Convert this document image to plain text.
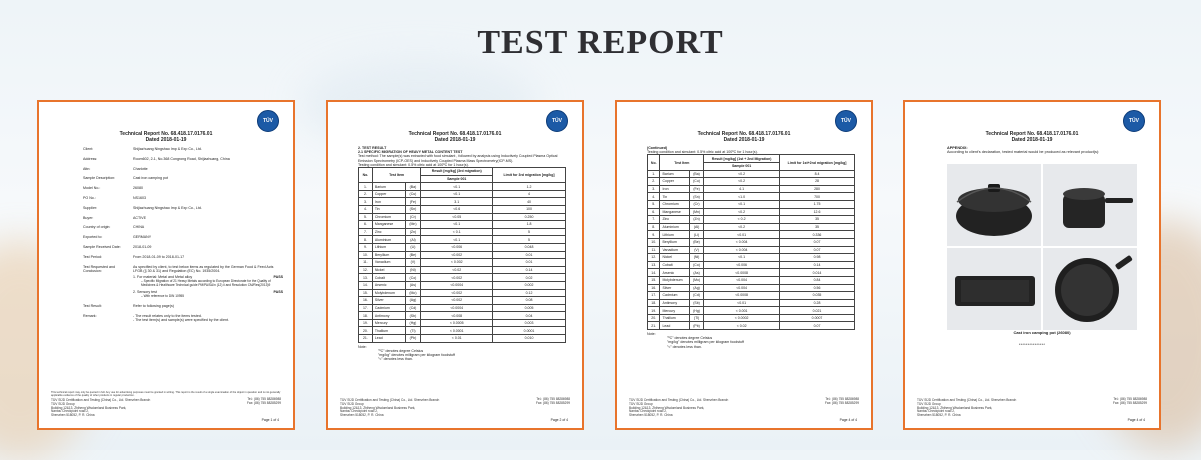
TEST REPORT
TÜV
Technical Report No. 68.418.17.0176.01
Dated 2018-01-19
Client:	Shijiazhuang Ningshao Imp & Exp Co., Ltd.
Address:	Room602, 2-1, No.368 Congrong Road, Shijiazhuang, China
Attn:	Charlotte
Sample Description:	Cast iron camping pot
Model No.:	26080
PO No.:	NS1603
Supplier:	Shijiazhuang Ningshao Imp & Exp Co., Ltd.
Buyer:	ACTIVE
Country of origin:	CHINA
Exported to:	GERMANY
Sample Received Date:	2018-01-09
Test Period:	From 2018-01-09 to 2018-01-17
Test Requested and Conclusion:
As specified by client, to test below items as regulated by the German Food & Feed Acts LFGB (§ 30 & 31) and Regulation (EC) No. 1935/2004.
1. For material: Metal and Metal alloy	PASS
– Specific Migration of 21 Heavy Metals according to European Directorate for the Quality of Medicines & Healthcare Technical guide PM/PA/SA/n (12) ii and Resolution CM/Res(2013)9
2. Sensory test	PASS
– With reference to DIN 10955
Test Result:	Refer to following page(s)
Remark:	- The result relates only to the items tested.
- The test item(s) and sample(s) were specified by the client.
This technical report may only be quoted in full. Any use for advertising purposes must be granted in writing. This report is the result of a single examination of the object in question and is not generally applicable evidence of the quality of other products in regular production.
TÜV SÜD Certification and Testing (China) Co., Ltd. Shenzhen Branch
TÜV SÜD Group
Building 12&13, Zhiheng Wisdomland Business Park,
Nantou Checkpoint road 2,
Shenzhen 518052, P. R. China
Tel.: (86) 755 88286988
Fax: (86) 755 88285299
Page 1 of 4
TÜV
Technical Report No. 68.418.17.0176.01
Dated 2018-01-19
2. TEST RESULT
2.1 SPECIFIC MIGRATION OF HEAVY METAL CONTENT TEST
Test method: The sample(s) was extracted with food simulant , followed by analysis using Inductively Coupled Plasma Optical Emission Spectrometry (ICP-OES) and Inductively Coupled Plasma Mass Spectrometry(ICP-MS).
Testing condition and simulant: 0.5% citric acid at 100ºC for 1 hour(s).
No.	Test Item		Result [mg/kg] (3rd migration)	Limit for 3rd migration [mg/kg]
			Sample 001	
1.	Barium	(Ba)	<0.1	1.2
2.	Copper	(Cu)	<0.1	4
3.	Iron	(Fe)	3.1	40
4.	Tin	(Sn)	<0.6	100
5.	Chromium	(Cr)	<0.05	0.250
6.	Manganese	(Mn)	<0.1	1.8
7.	Zinc	(Zn)	< 0.1	5
8.	Aluminium	(Al)	<0.1	5
9.	Lithium	(Li)	<0.006	0.048
10.	Beryllium	(Be)	<0.002	0.01
11.	Vanadium	(V)	< 0.002	0.01
12.	Nickel	(Ni)	<0.02	0.14
13.	Cobalt	(Co)	<0.002	0.02
14.	Arsenic	(As)	<0.0004	0.002
15.	Molybdenum	(Mo)	<0.002	0.12
16.	Silver	(Ag)	<0.002	0.08
17.	Cadmium	(Cd)	<0.0004	0.005
18.	Antimony	(Sb)	<0.008	0.04
19.	Mercury	(Hg)	< 0.0005	0.003
20.	Thallium	(Tl)	< 0.0001	0.0001
21.	Lead	(Pb)	< 0.01	0.010
Note:
"ºC" denotes degree Celsius
"mg/kg" denotes milligram per kilogram foodstuff
"<" denotes less than.
TÜV SÜD Certification and Testing (China) Co., Ltd. Shenzhen Branch
TÜV SÜD Group
Building 12&13, Zhiheng Wisdomland Business Park,
Nantou Checkpoint road 2,
Shenzhen 518052, P. R. China
Tel.: (86) 755 88286988
Fax: (86) 755 88285299
Page 2 of 4
TÜV
Technical Report No. 68.418.17.0176.01
Dated 2018-01-19
(Continued)
Testing condition and simulant: 0.5% citric acid at 100ºC for 1 hour(s).
No.	Test Item		Result [mg/kg] (1st + 2nd Migration)	Limit for 1st+2nd migration [mg/kg]
			Sample 001	
1.	Barium	(Ba)	<0.2	8.4
2.	Copper	(Cu)	<0.2	28
3.	Iron	(Fe)	4.1	280
4.	Tin	(Sn)	<1.0	700
5.	Chromium	(Cr)	<0.1	1.75
6.	Manganese	(Mn)	<0.2	12.6
7.	Zinc	(Zn)	< 0.2	35
8.	Aluminium	(Al)	<0.2	35
9.	Lithium	(Li)	<0.01	0.336
10.	Beryllium	(Be)	< 0.004	0.07
11.	Vanadium	(V)	< 0.004	0.07
12.	Nickel	(Ni)	<0.1	0.98
13.	Cobalt	(Co)	<0.006	0.14
14.	Arsenic	(As)	<0.0008	0.014
15.	Molybdenum	(Mo)	<0.004	0.84
16.	Silver	(Ag)	<0.004	0.56
17.	Cadmium	(Cd)	<0.0008	0.035
18.	Antimony	(Sb)	<0.01	0.28
19.	Mercury	(Hg)	< 0.001	0.021
20.	Thallium	(Tl)	< 0.0002	0.0007
21.	Lead	(Pb)	< 0.02	0.07
Note:
"ºC" denotes degree Celsius
"mg/kg" denotes milligram per kilogram foodstuff
"<" denotes less than.
TÜV SÜD Certification and Testing (China) Co., Ltd. Shenzhen Branch
TÜV SÜD Group
Building 12&13, Zhiheng Wisdomland Business Park,
Nantou Checkpoint road 2,
Shenzhen 518052, P. R. China
Tel.: (86) 755 88286988
Fax: (86) 755 88285299
Page 4 of 4
TÜV
Technical Report No. 68.418.17.0176.01
Dated 2018-01-19
APPENDIX:
According to client's declaration, tested material would be produced as relevant product(s):
Cast iron camping pot (26080)
***************
TÜV SÜD Certification and Testing (China) Co., Ltd. Shenzhen Branch
TÜV SÜD Group
Building 12&13, Zhiheng Wisdomland Business Park,
Nantou Checkpoint road 2,
Shenzhen 518052, P. R. China
Tel.: (86) 755 88286988
Fax: (86) 755 88285299
Page 4 of 4
